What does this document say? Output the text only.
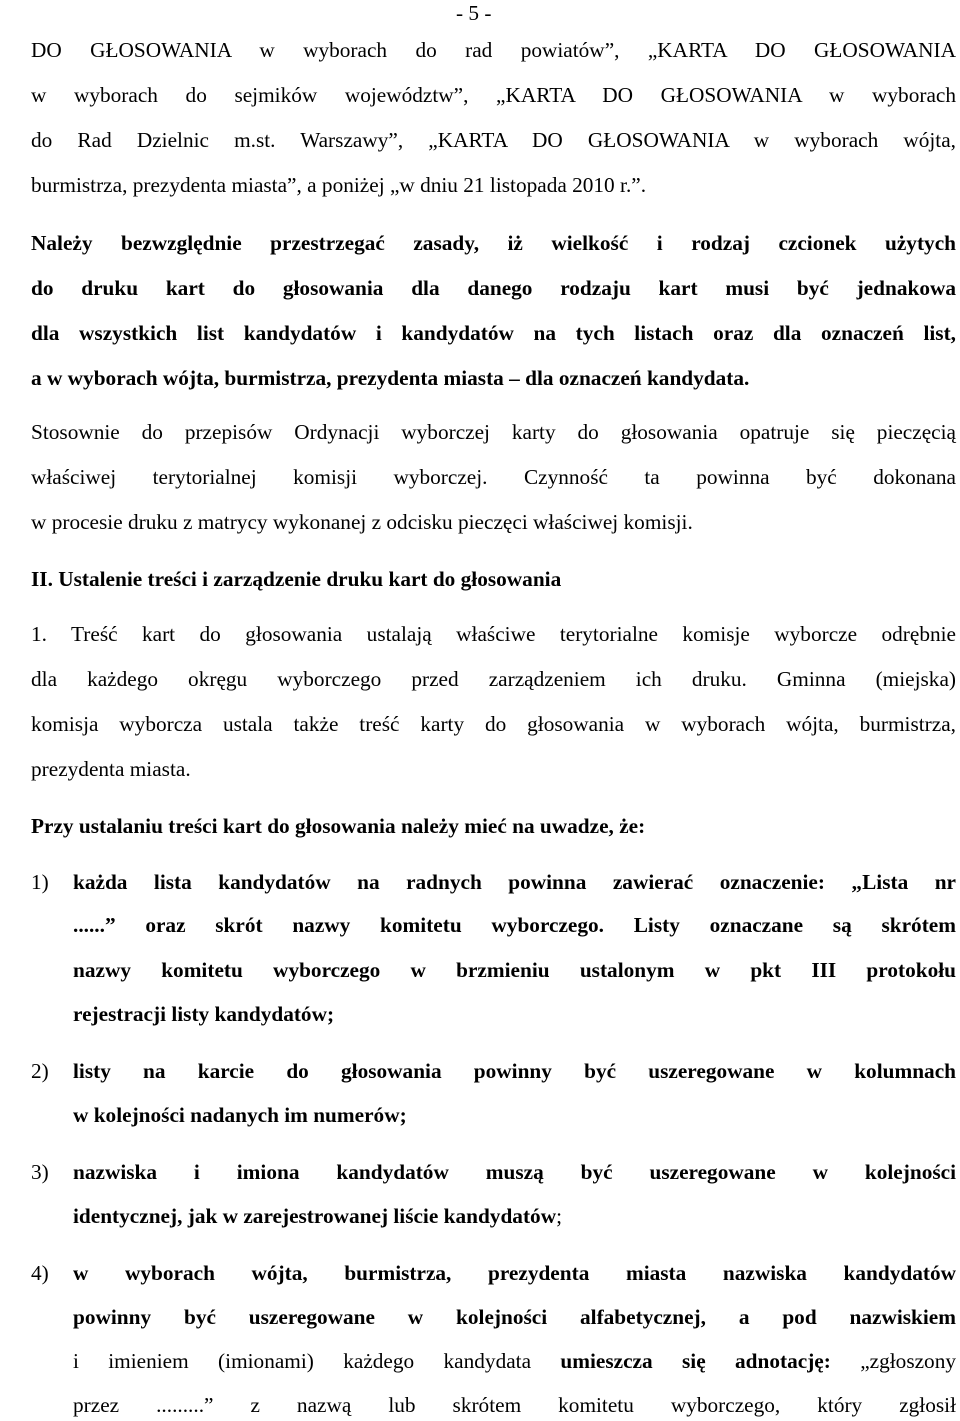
- 5 -
DO GŁOSOWANIA w wyborach do rad powiatów”, „KARTA DO GŁOSOWANIA
w wyborach do sejmików województw”, „KARTA DO GŁOSOWANIA w wyborach
do Rad Dzielnic m.st. Warszawy”, „KARTA DO GŁOSOWANIA w wyborach wójta,
burmistrza, prezydenta miasta”, a poniżej „w dniu 21 listopada 2010 r.”.
Należy bezwzględnie przestrzegać zasady, iż wielkość i rodzaj czcionek użytych
do druku kart do głosowania dla danego rodzaju kart musi być jednakowa
dla wszystkich list kandydatów i kandydatów na tych listach oraz dla oznaczeń list,
a w wyborach wójta, burmistrza, prezydenta miasta – dla oznaczeń kandydata.
Stosownie do przepisów Ordynacji wyborczej karty do głosowania opatruje się pieczęcią
właściwej terytorialnej komisji wyborczej. Czynność ta powinna być dokonana
w procesie druku z matrycy wykonanej z odcisku pieczęci właściwej komisji.
II. Ustalenie treści i zarządzenie druku kart do głosowania
1. Treść kart do głosowania ustalają właściwe terytorialne komisje wyborcze odrębnie
dla każdego okręgu wyborczego przed zarządzeniem ich druku. Gminna (miejska)
komisja wyborcza ustala także treść karty do głosowania w wyborach wójta, burmistrza,
prezydenta miasta.
Przy ustalaniu treści kart do głosowania należy mieć na uwadze, że:
1) każda lista kandydatów na radnych powinna zawierać oznaczenie: „Lista nr
......” oraz skrót nazwy komitetu wyborczego. Listy oznaczane są skrótem
nazwy komitetu wyborczego w brzmieniu ustalonym w pkt III protokołu
rejestracji listy kandydatów;
2) listy na karcie do głosowania powinny być uszeregowane w kolumnach
w kolejności nadanych im numerów;
3) nazwiska i imiona kandydatów muszą być uszeregowane w kolejności
identycznej, jak w zarejestrowanej liście kandydatów;
4) w wyborach wójta, burmistrza, prezydenta miasta nazwiska kandydatów
powinny być uszeregowane w kolejności alfabetycznej, a pod nazwiskiem
i imieniem (imionami) każdego kandydata umieszcza się adnotację: „zgłoszony
przez .........” z nazwą lub skrótem komitetu wyborczego, który zgłosił
